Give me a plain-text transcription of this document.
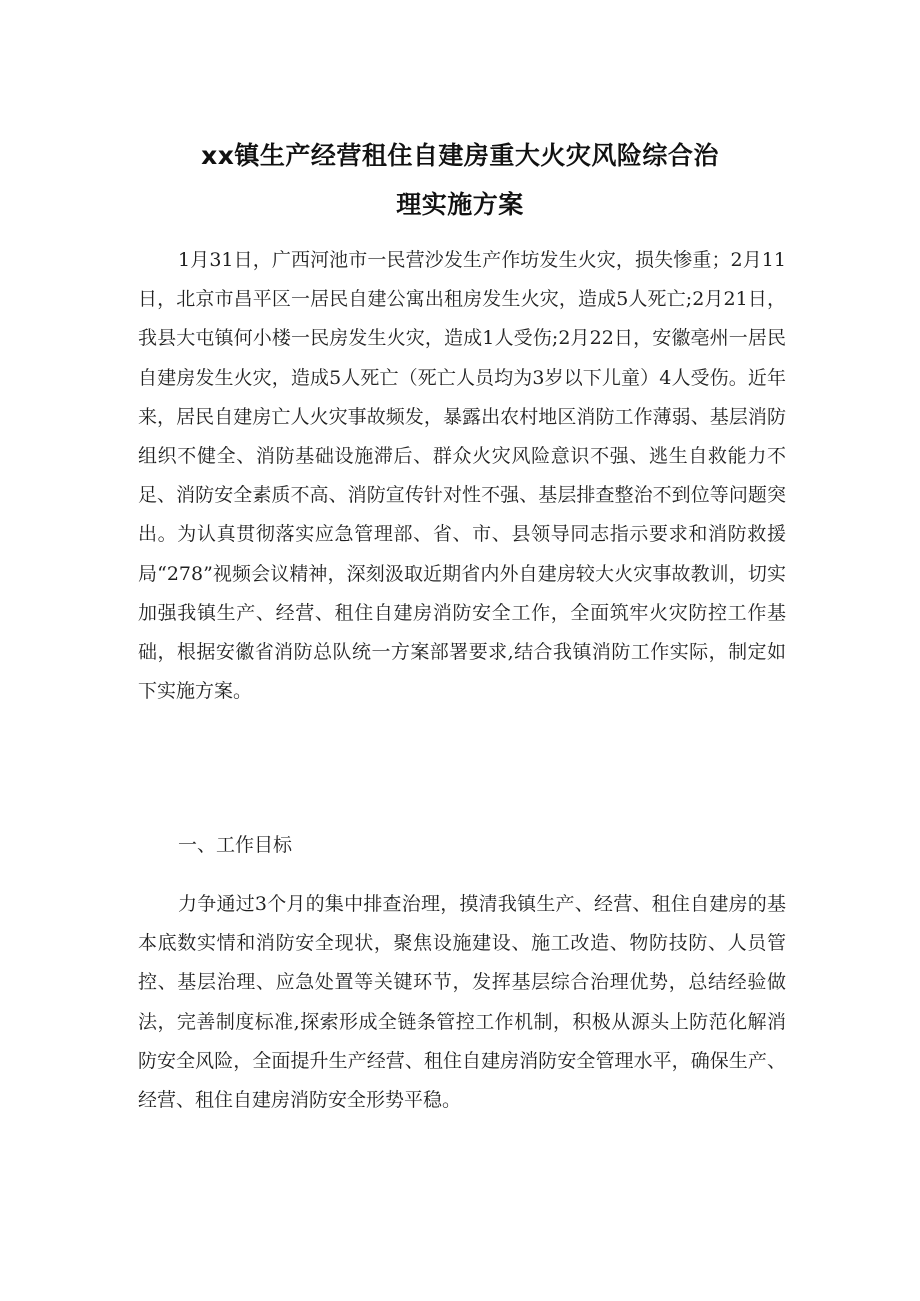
xx镇生产经营租住自建房重大火灾风险综合治
理实施方案

1月31日，广西河池市一民营沙发生产作坊发生火灾，损失惨重；2月11日，北京市昌平区一居民自建公寓出租房发生火灾，造成5人死亡;2月21日，我县大屯镇何小楼一民房发生火灾，造成1人受伤;2月22日，安徽亳州一居民自建房发生火灾，造成5人死亡（死亡人员均为3岁以下儿童）4人受伤。近年来，居民自建房亡人火灾事故频发，暴露出农村地区消防工作薄弱、基层消防组织不健全、消防基础设施滞后、群众火灾风险意识不强、逃生自救能力不足、消防安全素质不高、消防宣传针对性不强、基层排查整治不到位等问题突出。为认真贯彻落实应急管理部、省、市、县领导同志指示要求和消防救援局“278”视频会议精神，深刻汲取近期省内外自建房较大火灾事故教训，切实加强我镇生产、经营、租住自建房消防安全工作，全面筑牢火灾防控工作基础，根据安徽省消防总队统一方案部署要求,结合我镇消防工作实际，制定如下实施方案。

一、工作目标

力争通过3个月的集中排查治理，摸清我镇生产、经营、租住自建房的基本底数实情和消防安全现状，聚焦设施建设、施工改造、物防技防、人员管控、基层治理、应急处置等关键环节，发挥基层综合治理优势，总结经验做法，完善制度标准,探索形成全链条管控工作机制，积极从源头上防范化解消防安全风险，全面提升生产经营、租住自建房消防安全管理水平，确保生产、经营、租住自建房消防安全形势平稳。
